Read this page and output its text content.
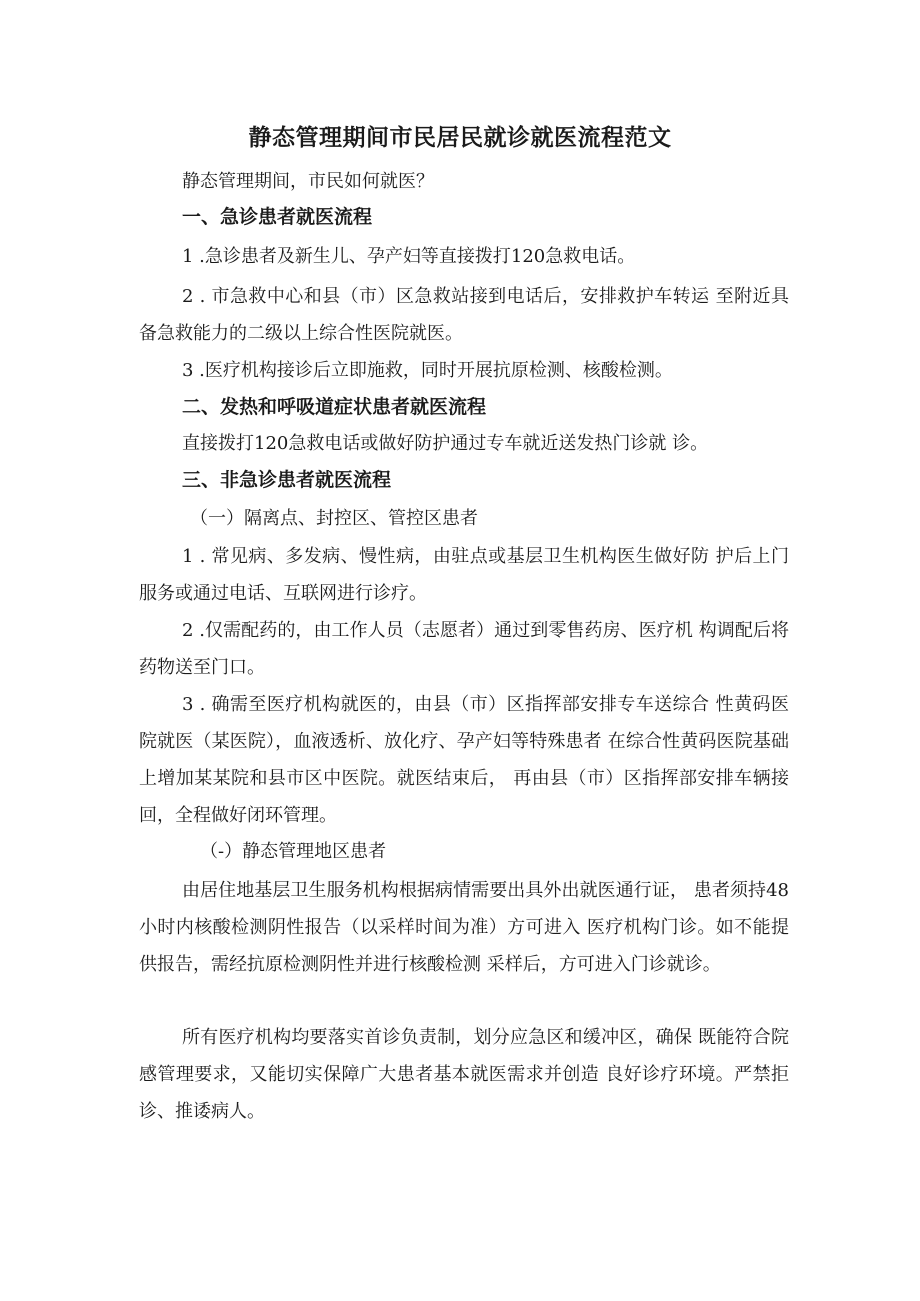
静态管理期间市民居民就诊就医流程范文

静态管理期间，市民如何就医？

一、急诊患者就医流程

1 .急诊患者及新生儿、孕产妇等直接拨打120急救电话。

2 . 市急救中心和县（市）区急救站接到电话后，安排救护车转运 至附近具备急救能力的二级以上综合性医院就医。

3 .医疗机构接诊后立即施救，同时开展抗原检测、核酸检测。

二、发热和呼吸道症状患者就医流程

直接拨打120急救电话或做好防护通过专车就近送发热门诊就 诊。

三、非急诊患者就医流程

（一）隔离点、封控区、管控区患者

1 . 常见病、多发病、慢性病，由驻点或基层卫生机构医生做好防 护后上门服务或通过电话、互联网进行诊疗。

2 .仅需配药的，由工作人员（志愿者）通过到零售药房、医疗机 构调配后将药物送至门口。

3 . 确需至医疗机构就医的，由县（市）区指挥部安排专车送综合 性黄码医院就医（某医院），血液透析、放化疗、孕产妇等特殊患者 在综合性黄码医院基础上增加某某院和县市区中医院。就医结束后， 再由县（市）区指挥部安排车辆接回，全程做好闭环管理。

（-）静态管理地区患者

由居住地基层卫生服务机构根据病情需要出具外出就医通行证， 患者须持48小时内核酸检测阴性报告（以采样时间为准）方可进入 医疗机构门诊。如不能提供报告，需经抗原检测阴性并进行核酸检测 采样后，方可进入门诊就诊。

所有医疗机构均要落实首诊负责制，划分应急区和缓冲区，确保 既能符合院感管理要求，又能切实保障广大患者基本就医需求并创造 良好诊疗环境。严禁拒诊、推诿病人。
